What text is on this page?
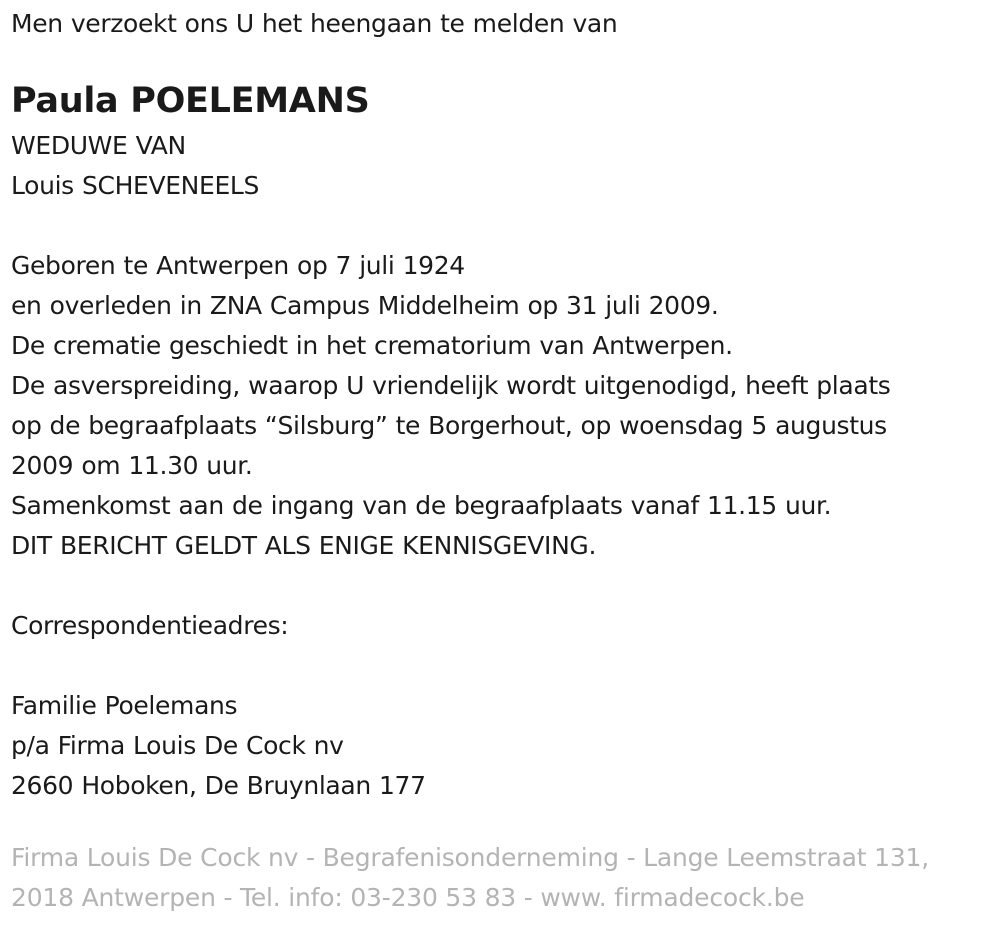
Men verzoekt ons U het heengaan te melden van
Paula POELEMANS
WEDUWE VAN
Louis SCHEVENEELS
Geboren te Antwerpen op 7 juli 1924
en overleden in ZNA Campus Middelheim op 31 juli 2009.
De crematie geschiedt in het crematorium van Antwerpen.
De asverspreiding, waarop U vriendelijk wordt uitgenodigd, heeft plaats
op de begraafplaats “Silsburg” te Borgerhout, op woensdag 5 augustus
2009 om 11.30 uur.
Samenkomst aan de ingang van de begraafplaats vanaf 11.15 uur.
DIT BERICHT GELDT ALS ENIGE KENNISGEVING.
Correspondentieadres:
Familie Poelemans
p/a Firma Louis De Cock nv
2660 Hoboken, De Bruynlaan 177
Firma Louis De Cock nv - Begrafenisonderneming - Lange Leemstraat 131,
2018 Antwerpen - Tel. info: 03-230 53 83 - www. firmadecock.be
